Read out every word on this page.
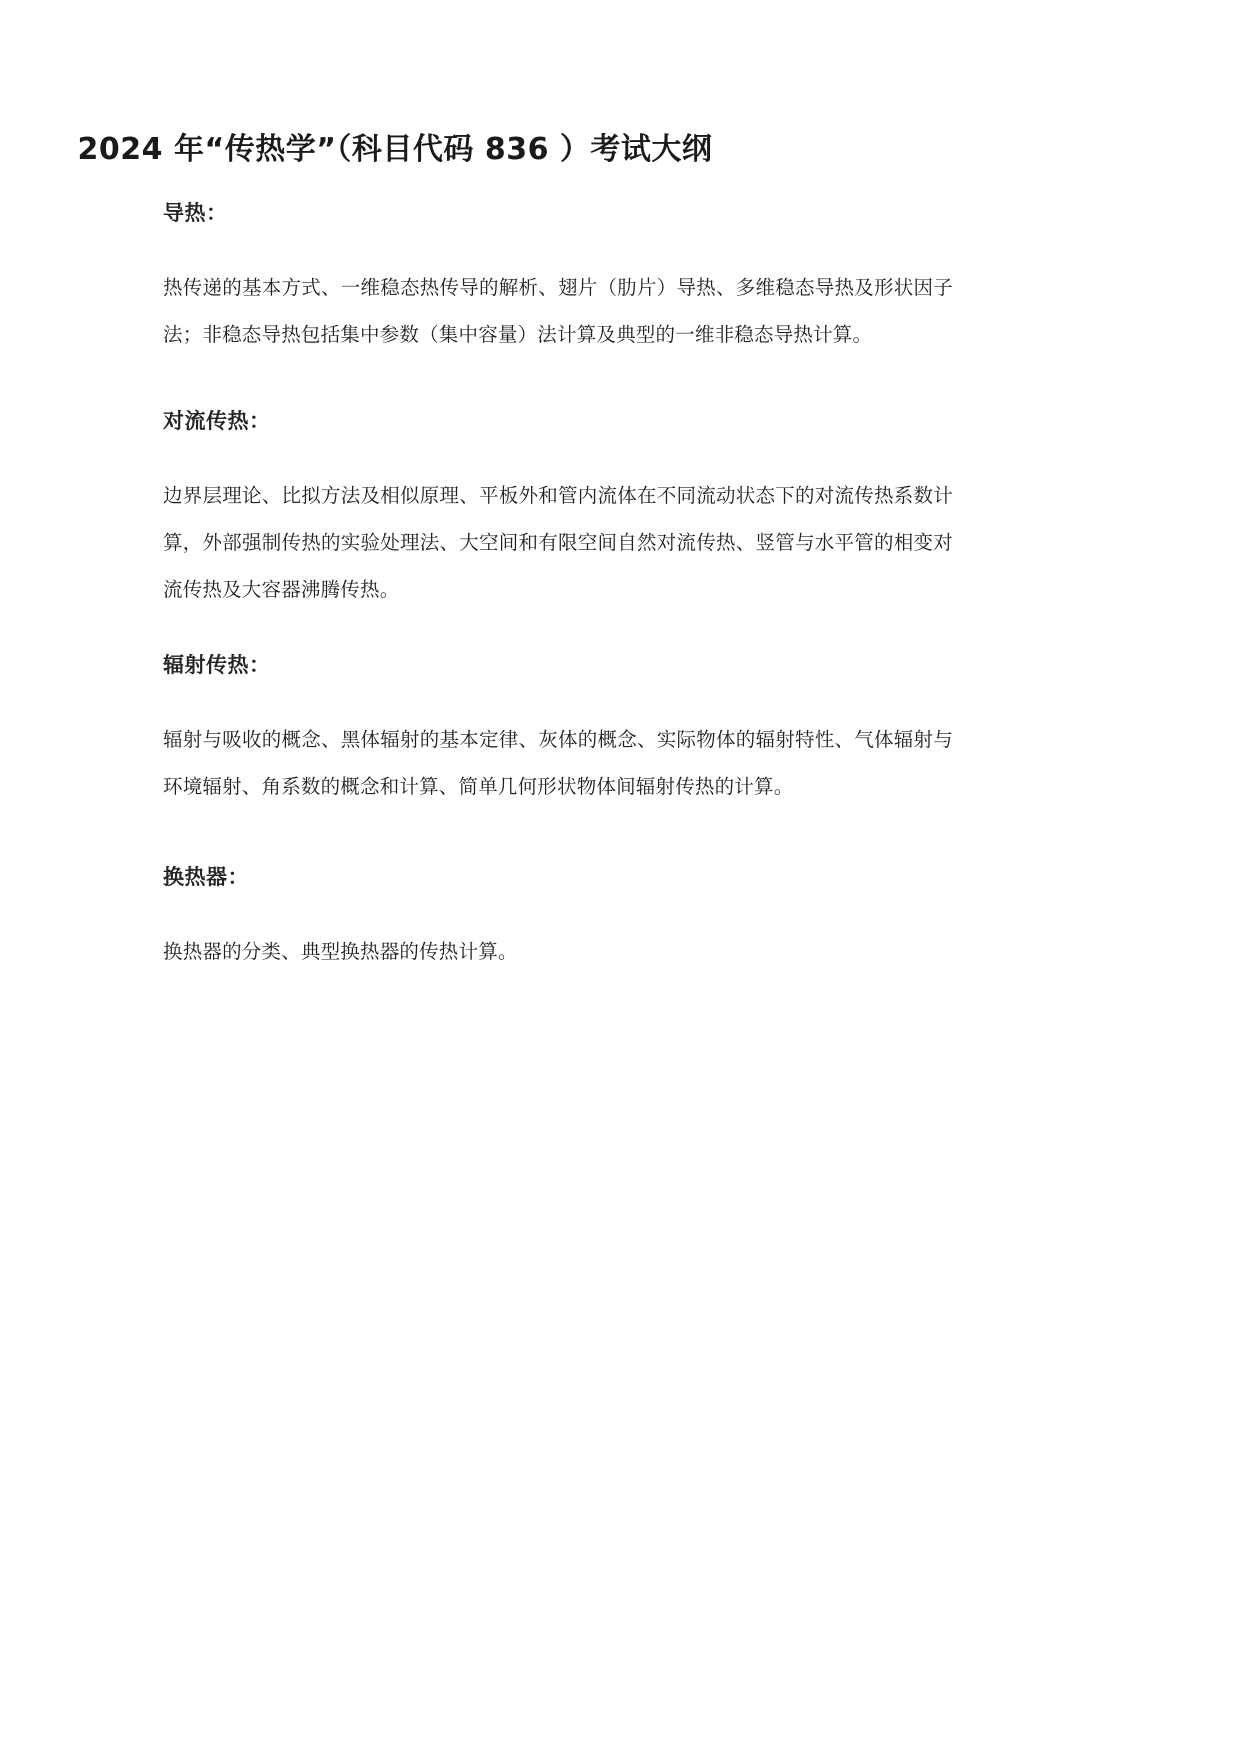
2024 年“传热学”（科目代码 836 ）考试大纲
导热：

热传递的基本方式、一维稳态热传导的解析、翅片（肋片）导热、多维稳态导热及形状因子法；非稳态导热包括集中参数（集中容量）法计算及典型的一维非稳态导热计算。

对流传热：

边界层理论、比拟方法及相似原理、平板外和管内流体在不同流动状态下的对流传热系数计算，外部强制传热的实验处理法、大空间和有限空间自然对流传热、竖管与水平管的相变对流传热及大容器沸腾传热。

辐射传热：

辐射与吸收的概念、黑体辐射的基本定律、灰体的概念、实际物体的辐射特性、气体辐射与环境辐射、角系数的概念和计算、简单几何形状物体间辐射传热的计算。

换热器：

换热器的分类、典型换热器的传热计算。
